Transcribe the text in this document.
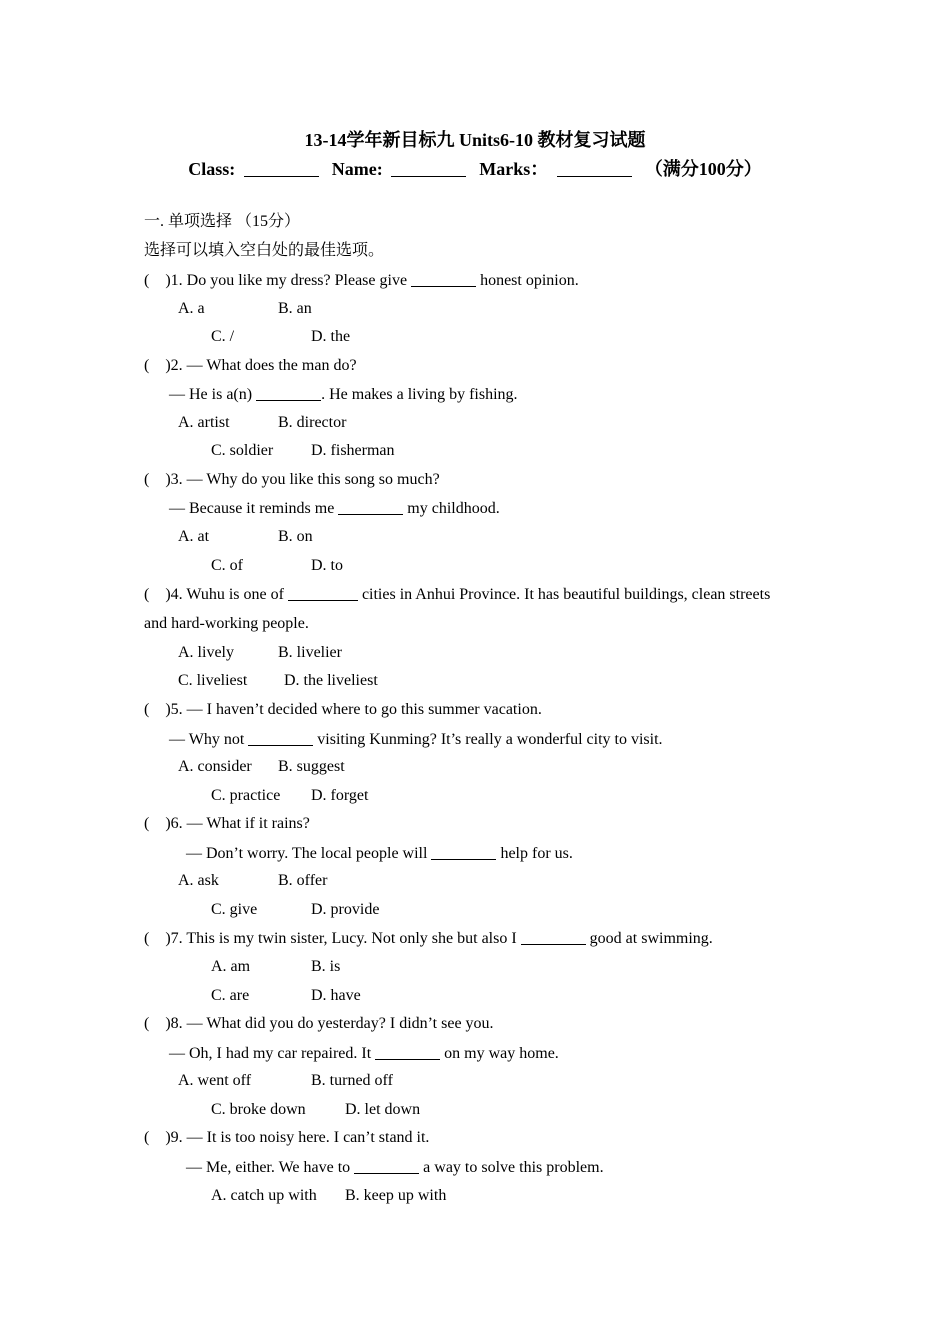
13-14学年新目标九 Units6-10 教材复习试题
Class:	Name:	Marks：	（满分100分）
一. 单项选择 （15分）
选择可以填入空白处的最佳选项。
(    )1. Do you like my dress? Please give	honest opinion.
A. a	B. an
C. /	D. the
(    )2. — What does the man do?
— He is a(n)	. He makes a living by fishing.
A. artist	B. director
C. soldier D. fisherman
(    )3. — Why do you like this song so much?
— Because it reminds me	my childhood.
A. at	B. on
C. of	D. to
(    )4. Wuhu is one of	cities in Anhui Province. It has beautiful buildings, clean streets
and hard-working people.
A. lively	B. livelier
C. liveliest D. the liveliest
(    )5. — I haven’t decided where to go this summer vacation.
— Why not	visiting Kunming? It’s really a wonderful city to visit.
A. consider B. suggest
C. practice D. forget
(    )6. — What if it rains?
— Don’t worry. The local people will	help for us.
A. ask	B. offer
C. give	D. provide
(    )7. This is my twin sister, Lucy. Not only she but also I	good at swimming.
A. am	B. is
C. are	D. have
(    )8. — What did you do yesterday? I didn’t see you.
— Oh, I had my car repaired. It	on my way home.
A. went off	B. turned off
C. broke down D. let down
(    )9. — It is too noisy here. I can’t stand it.
— Me, either. We have to	a way to solve this problem.
A. catch up with B. keep up with
